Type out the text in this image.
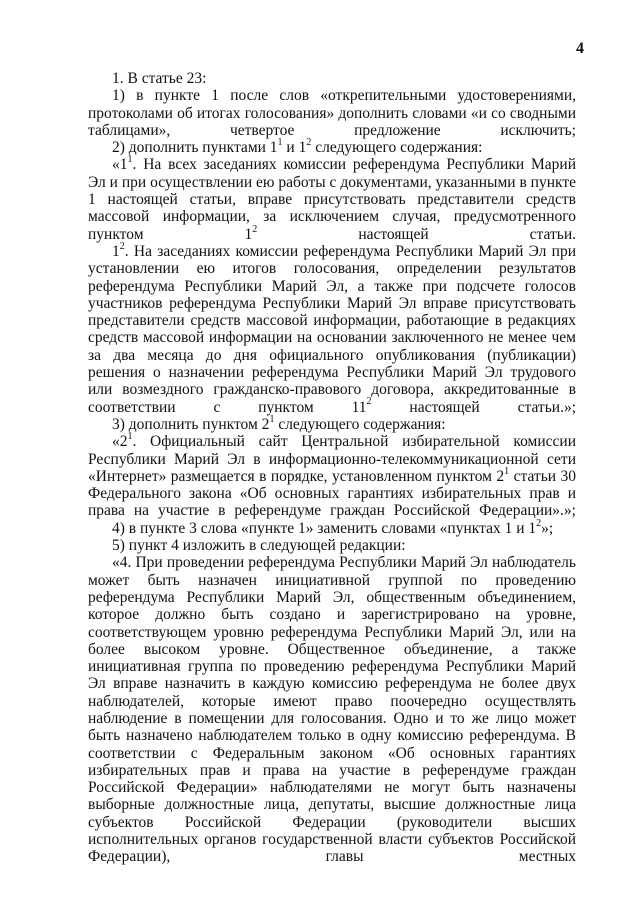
4

1. В статье 23:

1) в пункте 1 после слов «открепительными удостоверениями, протоколами об итогах голосования» дополнить словами «и со сводными таблицами», четвертое предложение исключить;

2) дополнить пунктами $1^1$ и $1^2$ следующего содержания:

«$1^1$. На всех заседаниях комиссии референдума Республики Марий Эл и при осуществлении ею работы с документами, указанными в пункте 1 настоящей статьи, вправе присутствовать представители средств массовой информации, за исключением случая, предусмотренного пунктом $1^2$ настоящей статьи.

$1^2$. На заседаниях комиссии референдума Республики Марий Эл при установлении ею итогов голосования, определении результатов референдума Республики Марий Эл, а также при подсчете голосов участников референдума Республики Марий Эл вправе присутствовать представители средств массовой информации, работающие в редакциях средств массовой информации на основании заключенного не менее чем за два месяца до дня официального опубликования (публикации) решения о назначении референдума Республики Марий Эл трудового или возмездного гражданско-правового договора, аккредитованные в соответствии с пунктом $11^2$ настоящей статьи.»;

3) дополнить пунктом $2^1$ следующего содержания:

«$2^1$. Официальный сайт Центральной избирательной комиссии Республики Марий Эл в информационно-телекоммуникационной сети «Интернет» размещается в порядке, установленном пунктом $2^1$ статьи 30 Федерального закона «Об основных гарантиях избирательных прав и права на участие в референдуме граждан Российской Федерации».»;

4) в пункте 3 слова «пункте 1» заменить словами «пунктах 1 и $1^2$»;

5) пункт 4 изложить в следующей редакции:

«4. При проведении референдума Республики Марий Эл наблюдатель может быть назначен инициативной группой по проведению референдума Республики Марий Эл, общественным объединением, которое должно быть создано и зарегистрировано на уровне, соответствующем уровню референдума Республики Марий Эл, или на более высоком уровне. Общественное объединение, а также инициативная группа по проведению референдума Республики Марий Эл вправе назначить в каждую комиссию референдума не более двух наблюдателей, которые имеют право поочередно осуществлять наблюдение в помещении для голосования. Одно и то же лицо может быть назначено наблюдателем только в одну комиссию референдума. В соответствии с Федеральным законом «Об основных гарантиях избирательных прав и права на участие в референдуме граждан Российской Федерации» наблюдателями не могут быть назначены выборные должностные лица, депутаты, высшие должностные лица субъектов Российской Федерации (руководители высших исполнительных органов государственной власти субъектов Российской Федерации), главы местных
